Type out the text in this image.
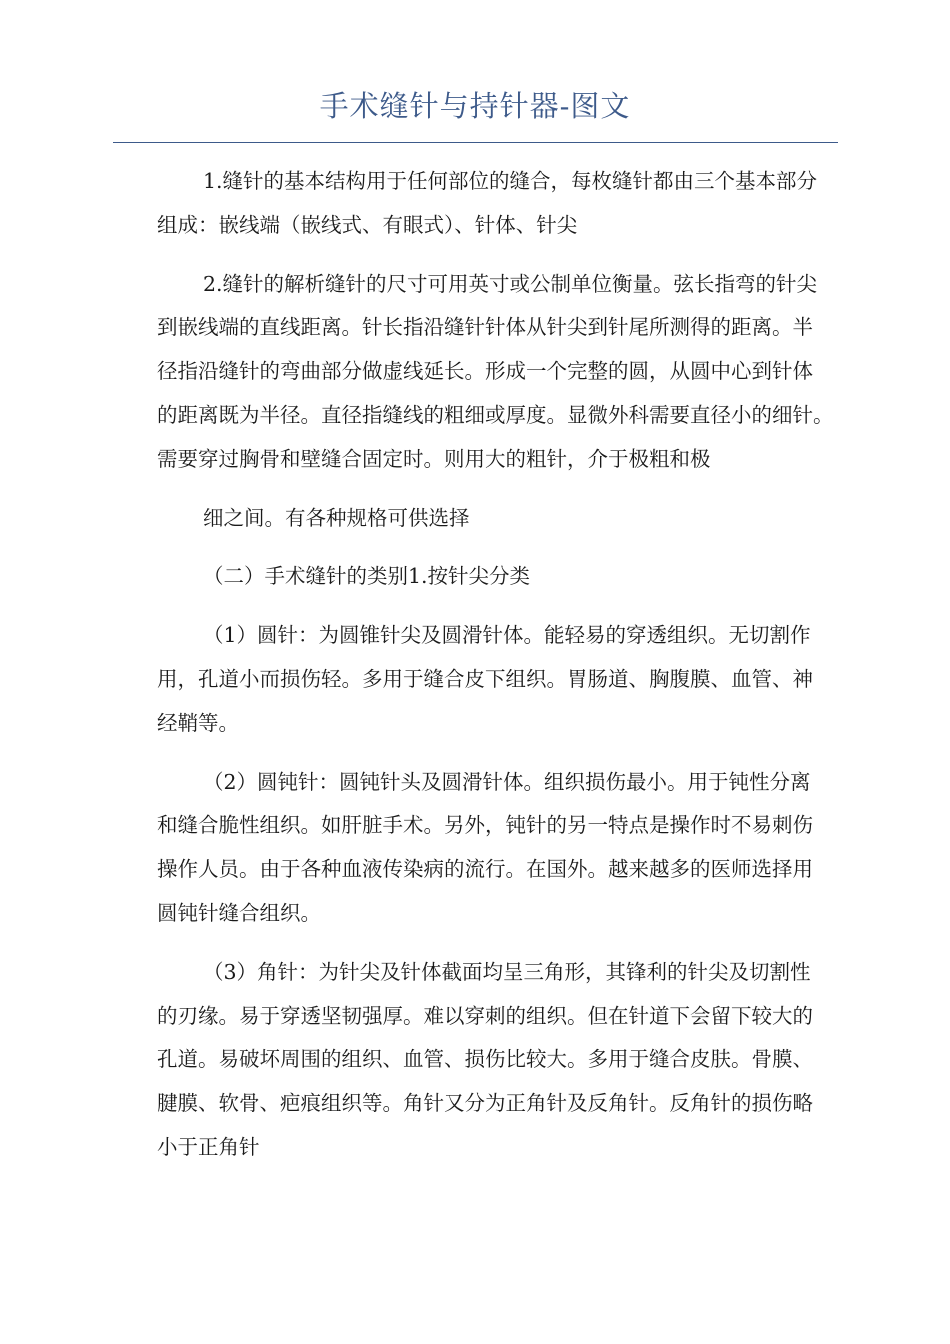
手术缝针与持针器-图文
1.缝针的基本结构用于任何部位的缝合，每枚缝针都由三个基本部分
组成：嵌线端（嵌线式、有眼式）、针体、针尖
2.缝针的解析缝针的尺寸可用英寸或公制单位衡量。弦长指弯的针尖
到嵌线端的直线距离。针长指沿缝针针体从针尖到针尾所测得的距离。半
径指沿缝针的弯曲部分做虚线延长。形成一个完整的圆，从圆中心到针体
的距离既为半径。直径指缝线的粗细或厚度。显微外科需要直径小的细针。
需要穿过胸骨和壁缝合固定时。则用大的粗针，介于极粗和极
细之间。有各种规格可供选择
（二）手术缝针的类别1.按针尖分类
（1）圆针：为圆锥针尖及圆滑针体。能轻易的穿透组织。无切割作
用，孔道小而损伤轻。多用于缝合皮下组织。胃肠道、胸腹膜、血管、神
经鞘等。
（2）圆钝针：圆钝针头及圆滑针体。组织损伤最小。用于钝性分离
和缝合脆性组织。如肝脏手术。另外，钝针的另一特点是操作时不易刺伤
操作人员。由于各种血液传染病的流行。在国外。越来越多的医师选择用
圆钝针缝合组织。
（3）角针：为针尖及针体截面均呈三角形，其锋利的针尖及切割性
的刃缘。易于穿透坚韧强厚。难以穿刺的组织。但在针道下会留下较大的
孔道。易破坏周围的组织、血管、损伤比较大。多用于缝合皮肤。骨膜、
腱膜、软骨、疤痕组织等。角针又分为正角针及反角针。反角针的损伤略
小于正角针
